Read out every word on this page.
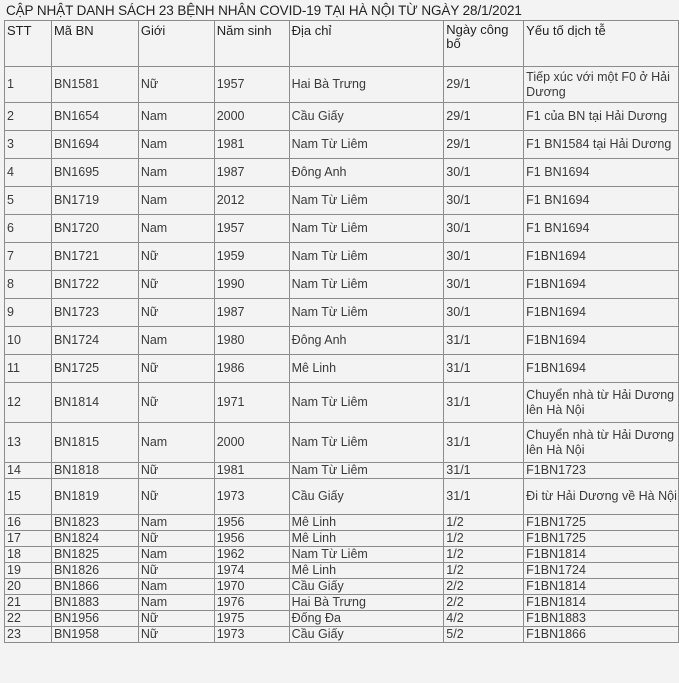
CẬP NHẬT DANH SÁCH 23 BỆNH NHÂN COVID-19 TẠI HÀ NỘI TỪ NGÀY 28/1/2021
STT	Mã BN	Giới	Năm sinh	Địa chỉ	Ngày công bố	Yếu tố dịch tễ
1	BN1581	Nữ	1957	Hai Bà Trưng	29/1	Tiếp xúc với một F0 ở Hải Dương
2	BN1654	Nam	2000	Cầu Giấy	29/1	F1 của BN tại Hải Dương
3	BN1694	Nam	1981	Nam Từ Liêm	29/1	F1 BN1584 tại Hải Dương
4	BN1695	Nam	1987	Đông Anh	30/1	F1 BN1694
5	BN1719	Nam	2012	Nam Từ Liêm	30/1	F1 BN1694
6	BN1720	Nam	1957	Nam Từ Liêm	30/1	F1 BN1694
7	BN1721	Nữ	1959	Nam Từ Liêm	30/1	F1BN1694
8	BN1722	Nữ	1990	Nam Từ Liêm	30/1	F1BN1694
9	BN1723	Nữ	1987	Nam Từ Liêm	30/1	F1BN1694
10	BN1724	Nam	1980	Đông Anh	31/1	F1BN1694
11	BN1725	Nữ	1986	Mê Linh	31/1	F1BN1694
12	BN1814	Nữ	1971	Nam Từ Liêm	31/1	Chuyển nhà từ Hải Dương lên Hà Nội
13	BN1815	Nam	2000	Nam Từ Liêm	31/1	Chuyển nhà từ Hải Dương lên Hà Nội
14	BN1818	Nữ	1981	Nam Từ Liêm	31/1	F1BN1723
15	BN1819	Nữ	1973	Cầu Giấy	31/1	Đi từ Hải Dương về Hà Nội
16	BN1823	Nam	1956	Mê Linh	1/2	F1BN1725
17	BN1824	Nữ	1956	Mê Linh	1/2	F1BN1725
18	BN1825	Nam	1962	Nam Từ Liêm	1/2	F1BN1814
19	BN1826	Nữ	1974	Mê Linh	1/2	F1BN1724
20	BN1866	Nam	1970	Cầu Giấy	2/2	F1BN1814
21	BN1883	Nam	1976	Hai Bà Trưng	2/2	F1BN1814
22	BN1956	Nữ	1975	Đống Đa	4/2	F1BN1883
23	BN1958	Nữ	1973	Cầu Giấy	5/2	F1BN1866
